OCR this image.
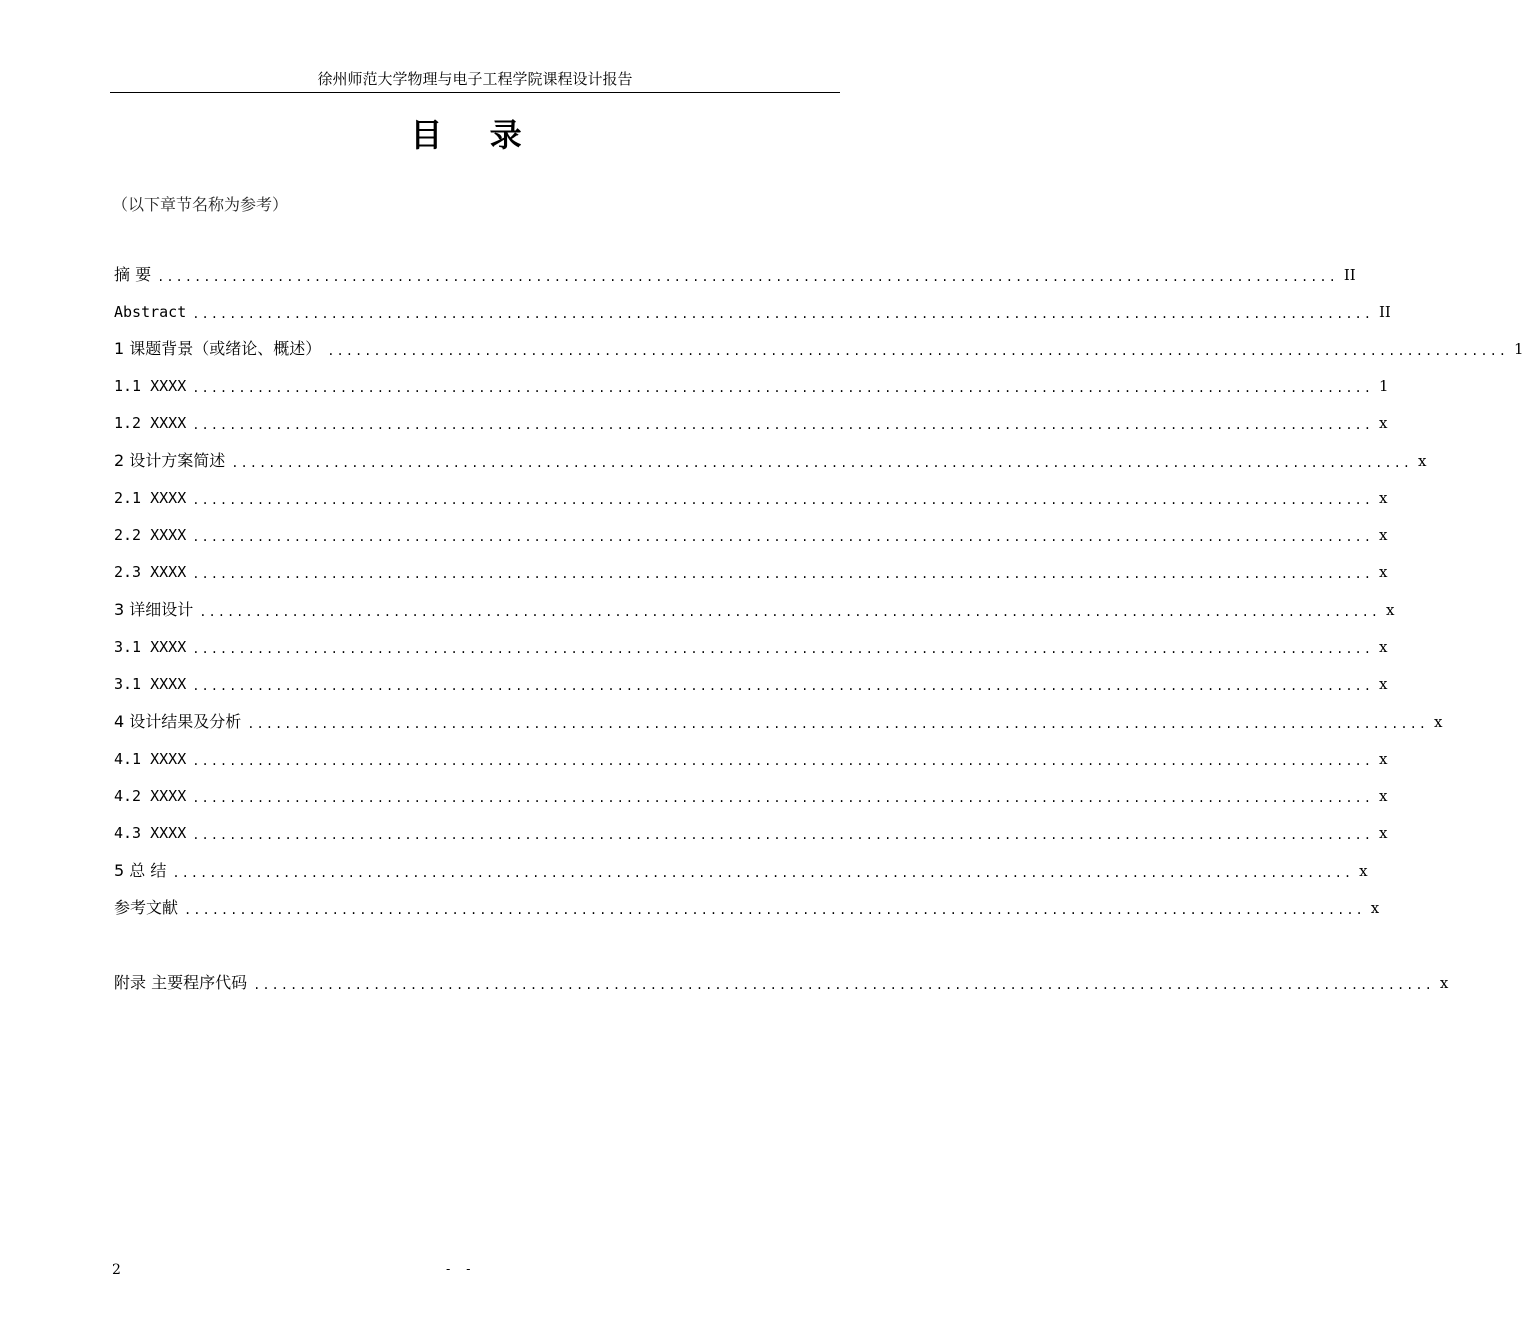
徐州师范大学物理与电子工程学院课程设计报告
目 录
（以下章节名称为参考）
摘 要 ................................................................................................................................ II
Abstract ................................................................................................................................ II
1 课题背景（或绪论、概述） ................................................................................................................................ 1
1.1 XXXX ................................................................................................................................ 1
1.2 XXXX ................................................................................................................................ x
2 设计方案简述 ................................................................................................................................ x
2.1 XXXX ................................................................................................................................ x
2.2 XXXX ................................................................................................................................ x
2.3 XXXX ................................................................................................................................ x
3 详细设计 ................................................................................................................................ x
3.1 XXXX ................................................................................................................................ x
3.1 XXXX ................................................................................................................................ x
4 设计结果及分析 ................................................................................................................................ x
4.1 XXXX ................................................................................................................................ x
4.2 XXXX ................................................................................................................................ x
4.3 XXXX ................................................................................................................................ x
5 总 结 ................................................................................................................................ x
参考文献 ................................................................................................................................ x
附录 主要程序代码 ................................................................................................................................ x
2	- -
